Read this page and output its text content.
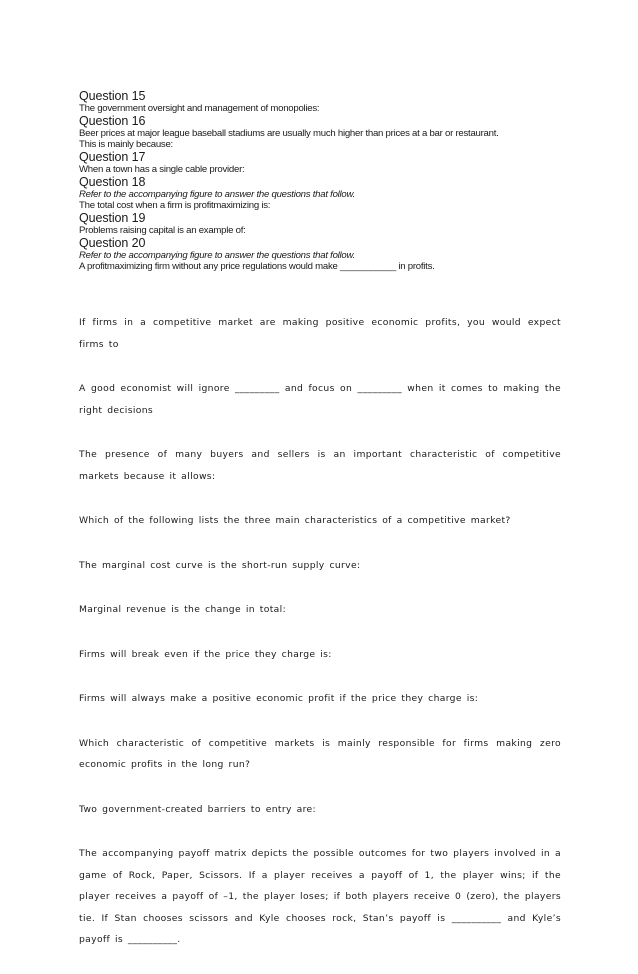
Question 15

The government oversight and management of monopolies:

Question 16

Beer prices at major league baseball stadiums are usually much higher than prices at a bar or restaurant.

This is mainly because:

Question 17

When a town has a single cable provider:

Question 18

Refer to the accompanying figure to answer the questions that follow.

The total cost when a firm is profitmaximizing is:

Question 19

Problems raising capital is an example of:

Question 20

Refer to the accompanying figure to answer the questions that follow.

A profitmaximizing firm without any price regulations would make ___________ in profits.

If firms in a competitive market are making positive economic profits, you would expect firms to

A good economist will ignore _________ and focus on _________ when it comes to making the right decisions

The presence of many buyers and sellers is an important characteristic of competitive markets because it allows:

Which of the following lists the three main characteristics of a competitive market?

The marginal cost curve is the short-run supply curve:

Marginal revenue is the change in total:

Firms will break even if the price they charge is:

Firms will always make a positive economic profit if the price they charge is:

Which characteristic of competitive markets is mainly responsible for firms making zero economic profits in the long run?

Two government-created barriers to entry are:

The accompanying payoff matrix depicts the possible outcomes for two players involved in a game of Rock, Paper, Scissors. If a player receives a payoff of 1, the player wins; if the player receives a payoff of –1, the player loses; if both players receive 0 (zero), the players tie. If Stan chooses scissors and Kyle chooses rock, Stan’s payoff is __________ and Kyle’s payoff is __________.
